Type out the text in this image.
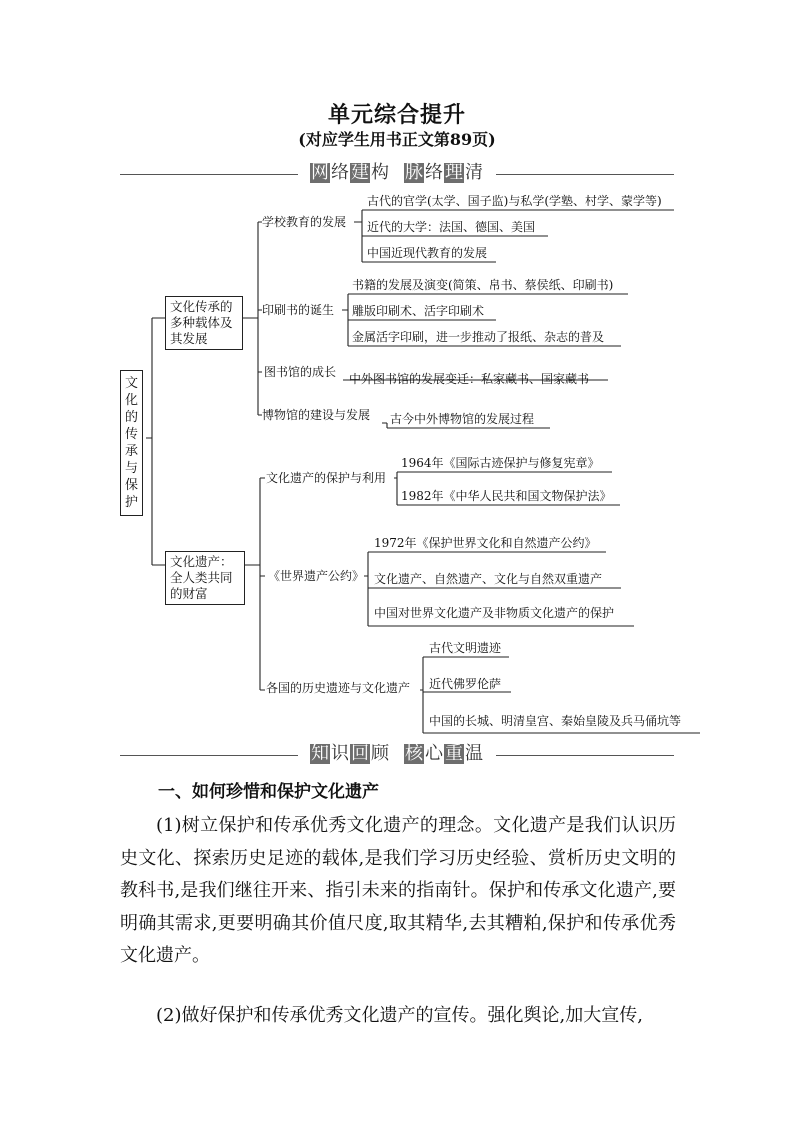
单元综合提升
(对应学生用书正文第89页)
网 络 建 构 脉 络 理 清
文化的传承与保护
文化传承的多种载体及其发展
学校教育的发展
古代的官学(太学、国子监)与私学(学塾、村学、蒙学等)
近代的大学：法国、德国、美国
中国近现代教育的发展
印刷书的诞生
书籍的发展及演变(简策、帛书、蔡侯纸、印刷书)
雕版印刷术、活字印刷术
金属活字印刷，进一步推动了报纸、杂志的普及
图书馆的成长 中外图书馆的发展变迁：私家藏书、国家藏书
博物馆的建设与发展 古今中外博物馆的发展过程
文化遗产：全人类共同的财富
文化遗产的保护与利用
1964年《国际古迹保护与修复宪章》
1982年《中华人民共和国文物保护法》
《世界遗产公约》
1972年《保护世界文化和自然遗产公约》
文化遗产、自然遗产、文化与自然双重遗产
中国对世界文化遗产及非物质文化遗产的保护
各国的历史遗迹与文化遗产
古代文明遗迹
近代佛罗伦萨
中国的长城、明清皇宫、秦始皇陵及兵马俑坑等
知 识 回 顾 核 心 重 温
一、如何珍惜和保护文化遗产
(1)树立保护和传承优秀文化遗产的理念。文化遗产是我们认识历史文化、探索历史足迹的载体,是我们学习历史经验、赏析历史文明的教科书,是我们继往开来、指引未来的指南针。保护和传承文化遗产,要明确其需求,更要明确其价值尺度,取其精华,去其糟粕,保护和传承优秀文化遗产。
(2)做好保护和传承优秀文化遗产的宣传。强化舆论,加大宣传,
